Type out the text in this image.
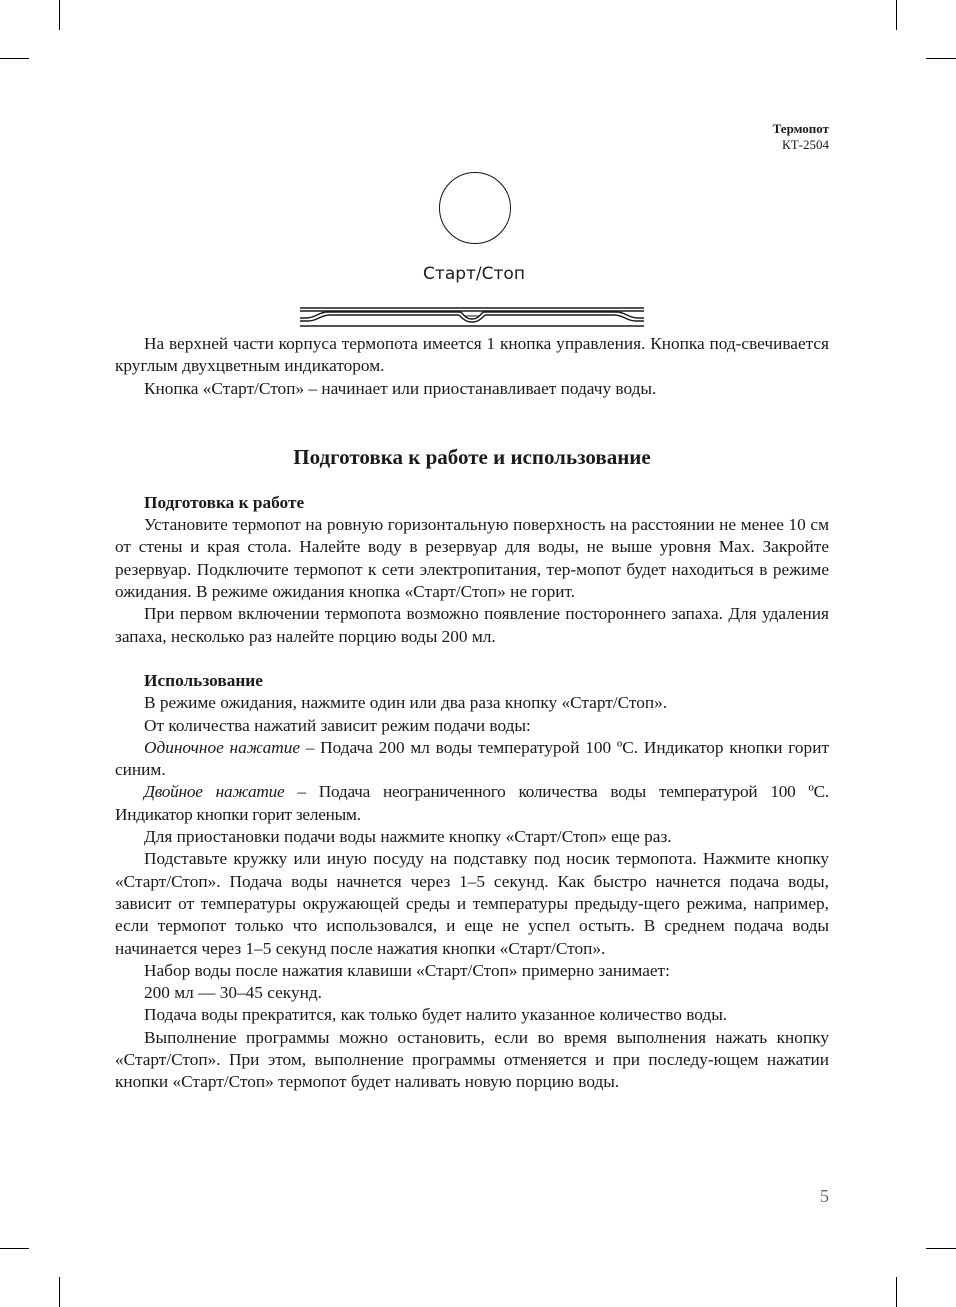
Термопот
КТ-2504
Старт/Стоп

На верхней части корпуса термопота имеется 1 кнопка управления. Кнопка под-свечивается круглым двухцветным индикатором.

Кнопка «Старт/Стоп» – начинает или приостанавливает подачу воды.

Подготовка к работе и использование

Подготовка к работе

Установите термопот на ровную горизонтальную поверхность на расстоянии не менее 10 см от стены и края стола. Налейте воду в резервуар для воды, не выше уровня Max. Закройте резервуар. Подключите термопот к сети электропитания, тер-мопот будет находиться в режиме ожидания. В режиме ожидания кнопка «Старт/Стоп» не горит.

При первом включении термопота возможно появление постороннего запаха. Для удаления запаха, несколько раз налейте порцию воды 200 мл.

Использование

В режиме ожидания, нажмите один или два раза кнопку «Старт/Стоп».

От количества нажатий зависит режим подачи воды:

Одиночное нажатие – Подача 200 мл воды температурой 100 ºС. Индикатор кнопки горит синим.

Двойное нажатие – Подача неограниченного количества воды температурой 100 ºС. Индикатор кнопки горит зеленым.

Для приостановки подачи воды нажмите кнопку «Старт/Стоп» еще раз.

Подставьте кружку или иную посуду на подставку под носик термопота. Нажмите кнопку «Старт/Стоп». Подача воды начнется через 1–5 секунд. Как быстро начнется подача воды, зависит от температуры окружающей среды и температуры предыду-щего режима, например, если термопот только что использовался, и еще не успел остыть. В среднем подача воды начинается через 1–5 секунд после нажатия кнопки «Старт/Стоп».

Набор воды после нажатия клавиши «Старт/Стоп» примерно занимает:

200 мл — 30–45 секунд.

Подача воды прекратится, как только будет налито указанное количество воды.

Выполнение программы можно остановить, если во время выполнения нажать кнопку «Старт/Стоп». При этом, выполнение программы отменяется и при последу-ющем нажатии кнопки «Старт/Стоп» термопот будет наливать новую порцию воды.

5
